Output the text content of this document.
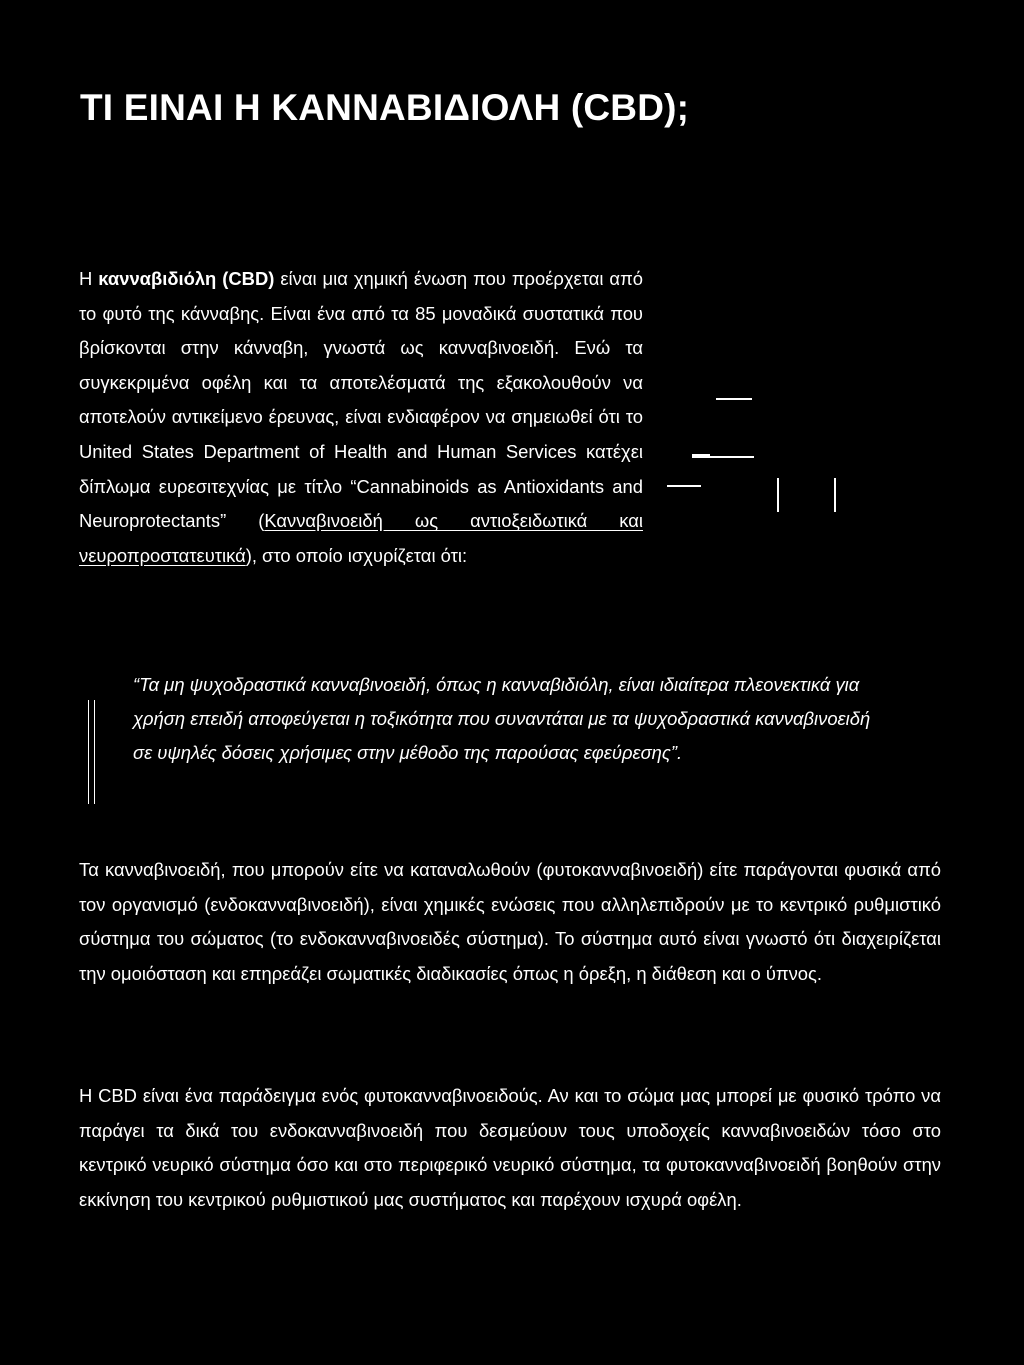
ΤΙ ΕΙΝΑΙ Η ΚΑΝΝΑΒΙΔΙΟΛΗ (CBD);

Η κανναβιδιόλη (CBD) είναι μια χημική ένωση που προέρχεται από το φυτό της κάνναβης. Είναι ένα από τα 85 μοναδικά συστατικά που βρίσκονται στην κάνναβη, γνωστά ως κανναβινοειδή. Ενώ τα συγκεκριμένα οφέλη και τα αποτελέσματά της εξακολουθούν να αποτελούν αντικείμενο έρευνας, είναι ενδιαφέρον να σημειωθεί ότι το United States Department of Health and Human Services κατέχει δίπλωμα ευρεσιτεχνίας με τίτλο “Cannabinoids as Antioxidants and Neuroprotectants” (Κανναβινοειδή ως αντιοξειδωτικά και νευροπροστατευτικά), στο οποίο ισχυρίζεται ότι:

“Τα μη ψυχοδραστικά κανναβινοειδή, όπως η κανναβιδιόλη, είναι ιδιαίτερα πλεονεκτικά για χρήση επειδή αποφεύγεται η τοξικότητα που συναντάται με τα ψυχοδραστικά κανναβινοειδή σε υψηλές δόσεις χρήσιμες στην μέθοδο της παρούσας εφεύρεσης”.

Τα κανναβινοειδή, που μπορούν είτε να καταναλωθούν (φυτοκανναβινοειδή) είτε παράγονται φυσικά από τον οργανισμό (ενδοκανναβινοειδή), είναι χημικές ενώσεις που αλληλεπιδρούν με το κεντρικό ρυθμιστικό σύστημα του σώματος (το ενδοκανναβινοειδές σύστημα). Το σύστημα αυτό είναι γνωστό ότι διαχειρίζεται την ομοιόσταση και επηρεάζει σωματικές διαδικασίες όπως η όρεξη, η διάθεση και ο ύπνος.

Η CBD είναι ένα παράδειγμα ενός φυτοκανναβινοειδούς. Αν και το σώμα μας μπορεί με φυσικό τρόπο να παράγει τα δικά του ενδοκανναβινοειδή που δεσμεύουν τους υποδοχείς κανναβινοειδών τόσο στο κεντρικό νευρικό σύστημα όσο και στο περιφερικό νευρικό σύστημα, τα φυτοκανναβινοειδή βοηθούν στην εκκίνηση του κεντρικού ρυθμιστικού μας συστήματος και παρέχουν ισχυρά οφέλη.
